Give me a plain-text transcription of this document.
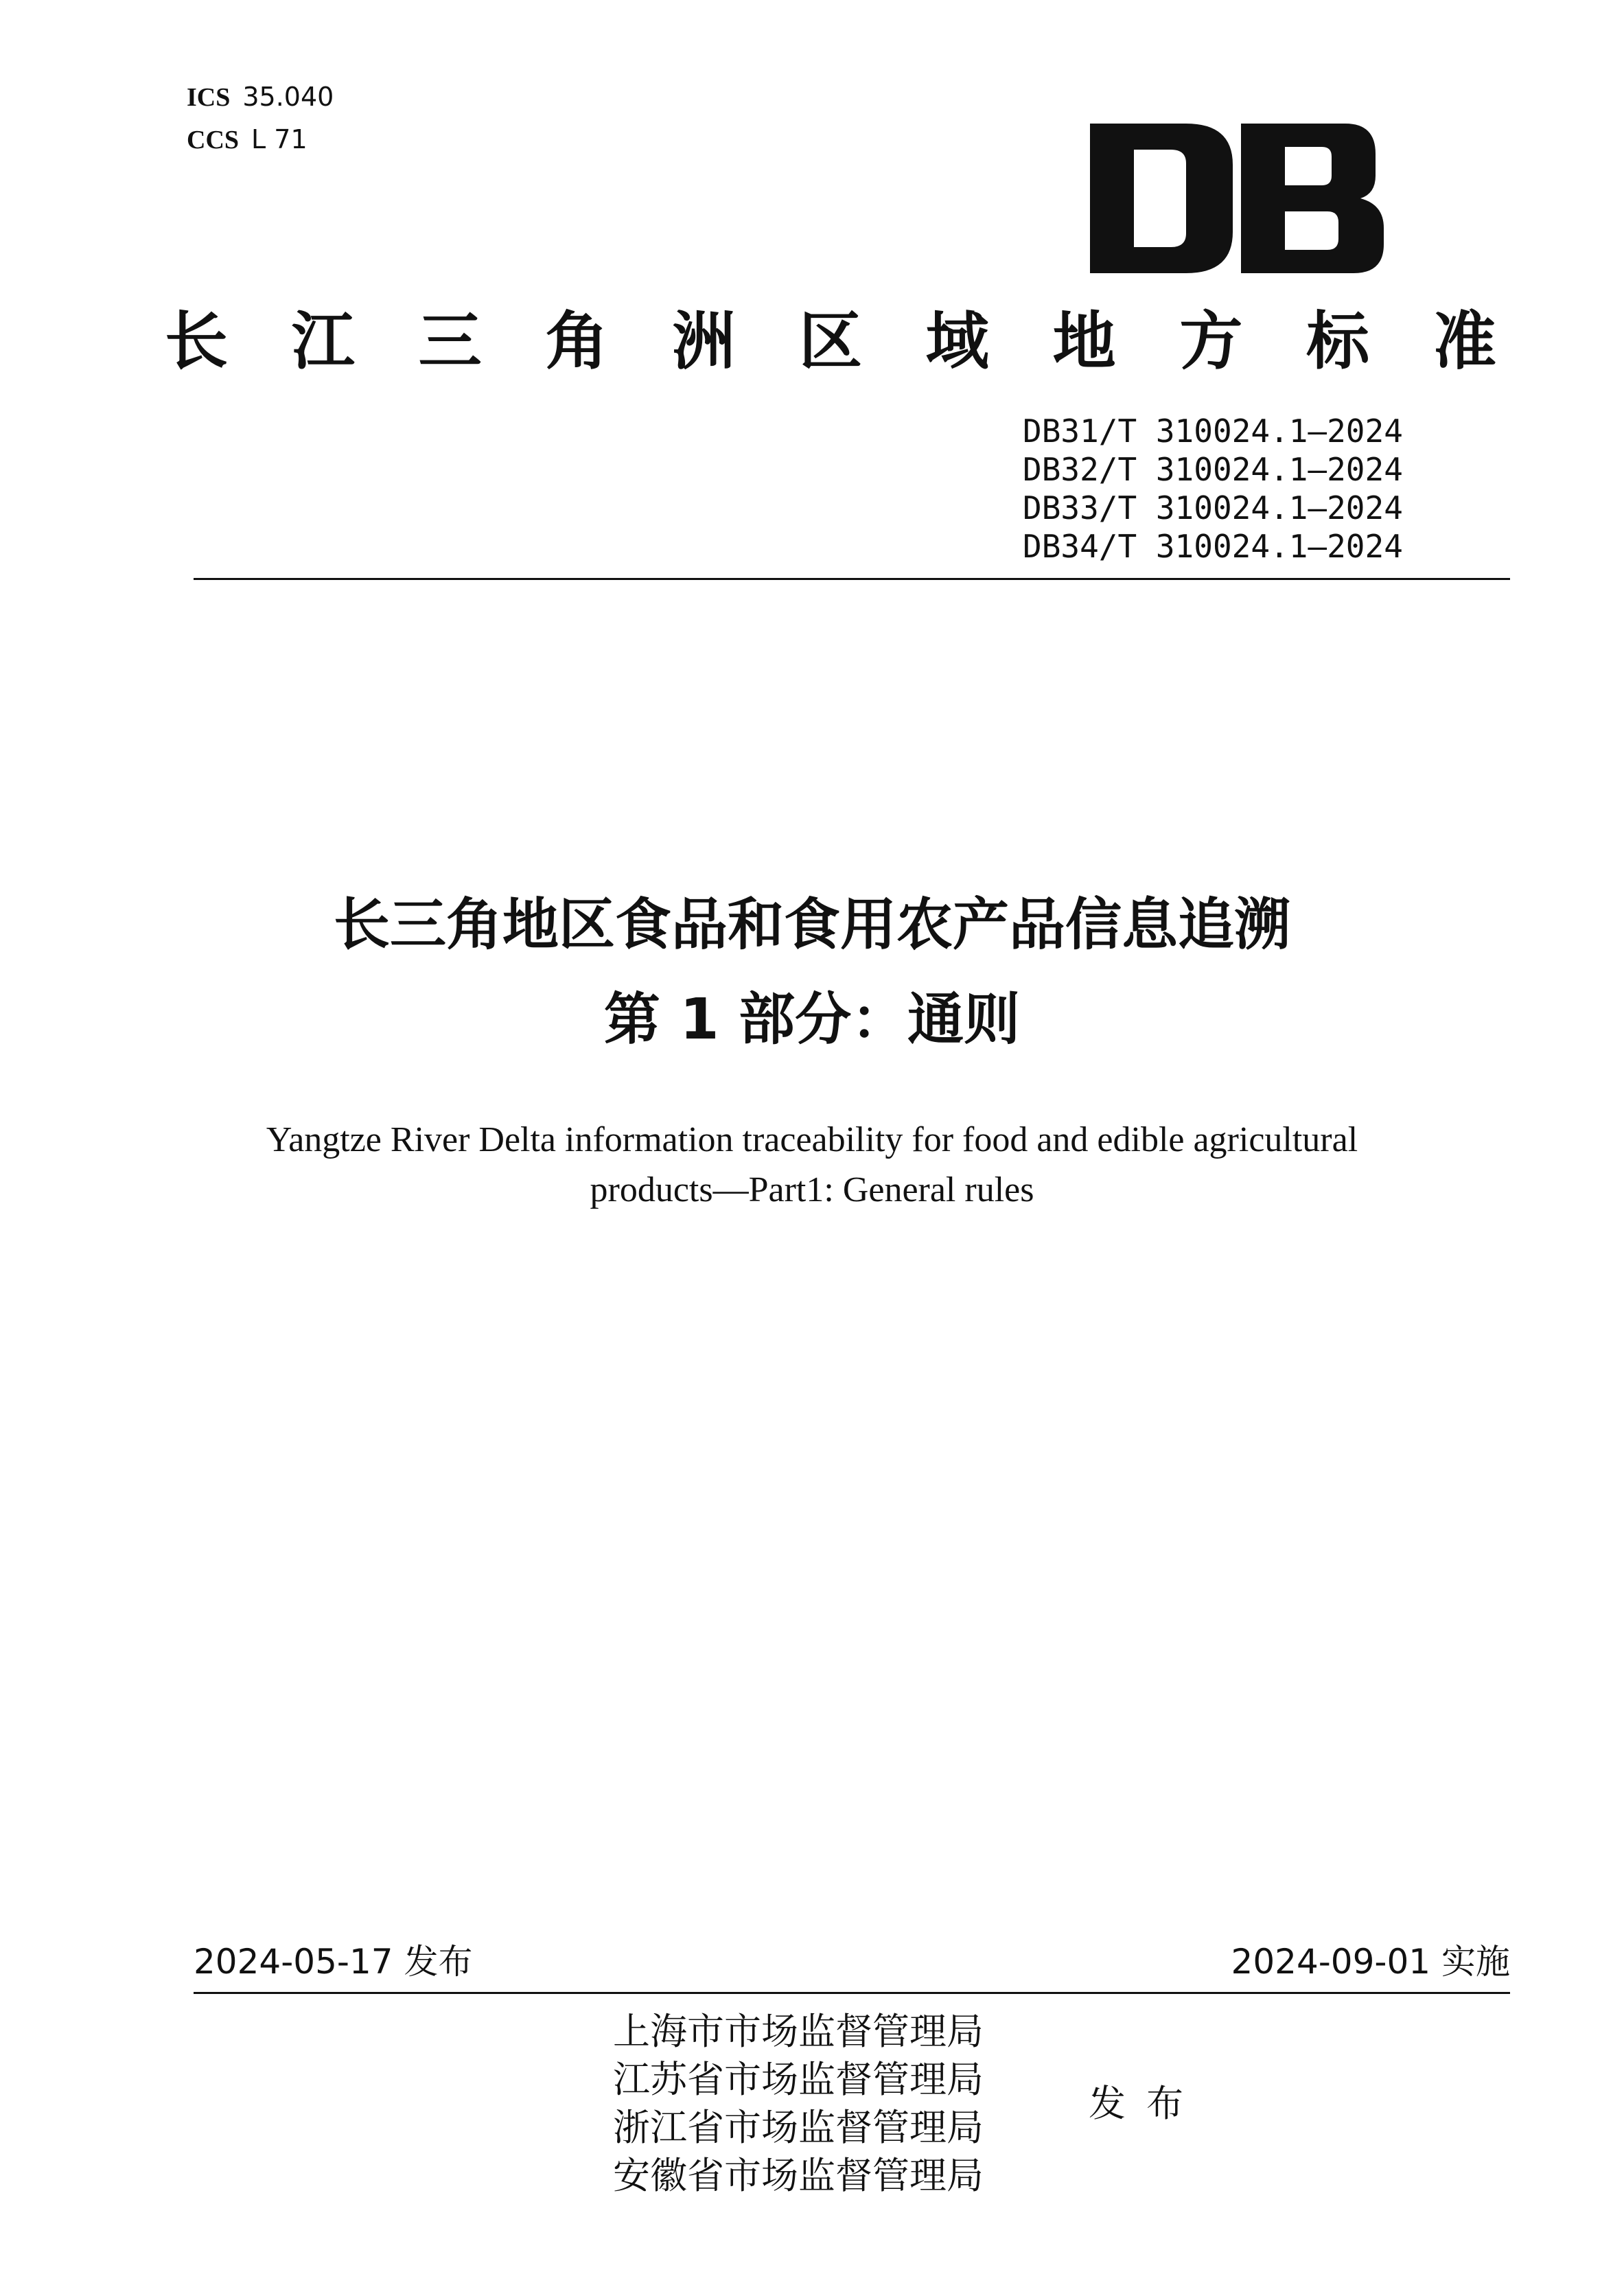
ICS 35.040
CCS L 71
长 江 三 角 洲 区 域 地 方 标 准
DB31/T 310024.1—2024
DB32/T 310024.1—2024
DB33/T 310024.1—2024
DB34/T 310024.1—2024
长三角地区食品和食用农产品信息追溯
第 1 部分：通则
Yangtze River Delta information traceability for food and edible agricultural
products—Part1: General rules
2024-05-17 发布	2024-09-01 实施
上海市市场监督管理局
江苏省市场监督管理局
浙江省市场监督管理局
安徽省市场监督管理局
发布
